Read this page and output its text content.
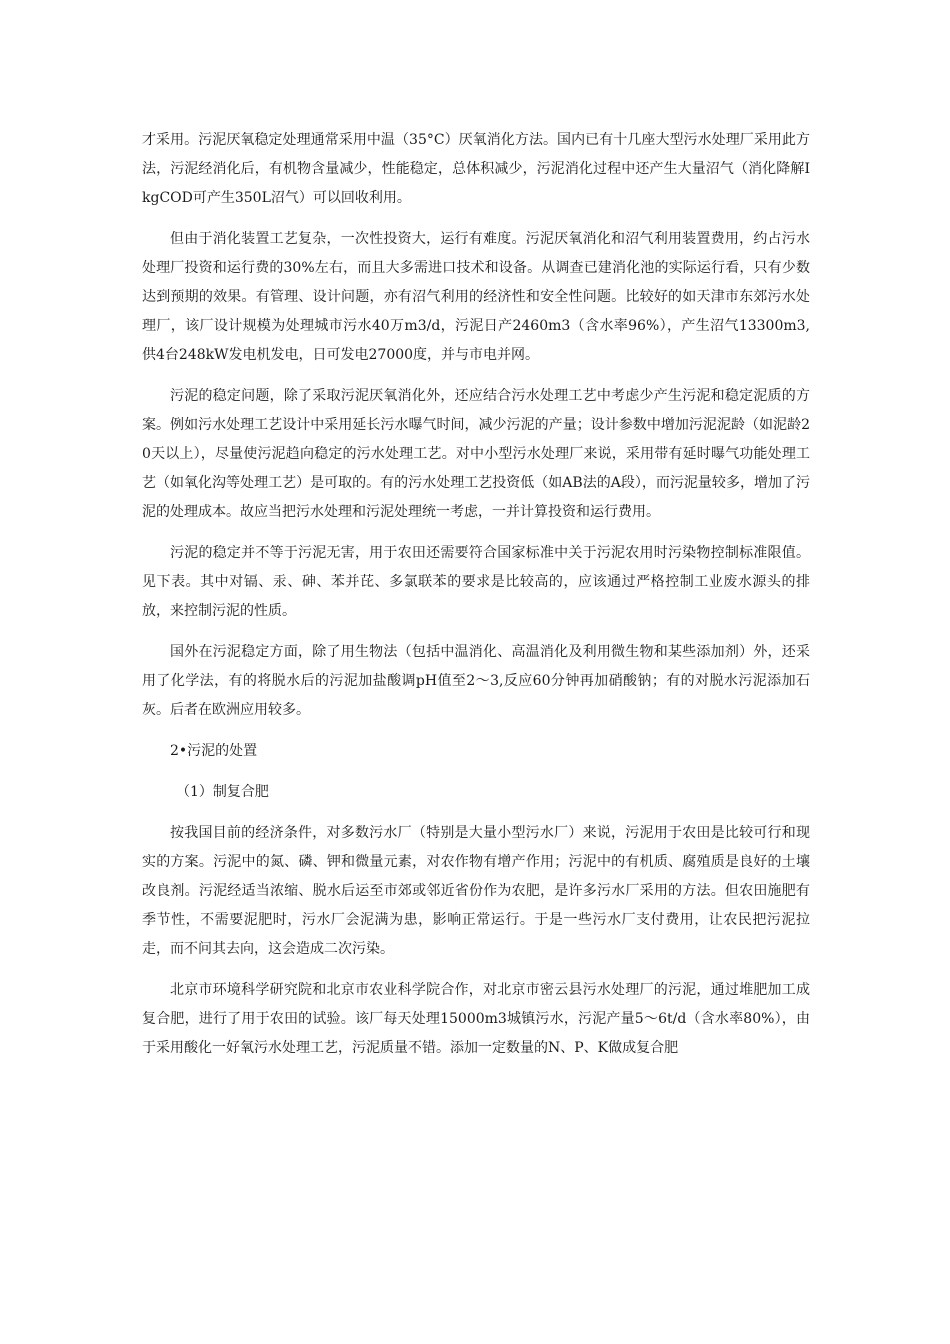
才采用。污泥厌氧稳定处理通常采用中温（35°C）厌氧消化方法。国内已有十几座大型污水处理厂采用此方法，污泥经消化后，有机物含量减少，性能稳定，总体积减少，污泥消化过程中还产生大量沼气（消化降解IkgCOD可产生350L沼气）可以回收利用。

但由于消化装置工艺复杂，一次性投资大，运行有难度。污泥厌氧消化和沼气利用装置费用，约占污水处理厂投资和运行费的30%左右，而且大多需进口技术和设备。从调查已建消化池的实际运行看，只有少数达到预期的效果。有管理、设计问题，亦有沼气利用的经济性和安全性问题。比较好的如天津市东郊污水处理厂，该厂设计规模为处理城市污水40万m3/d，污泥日产2460m3（含水率96%），产生沼气13300m3,供4台248kW发电机发电，日可发电27000度，并与市电并网。

污泥的稳定问题，除了采取污泥厌氧消化外，还应结合污水处理工艺中考虑少产生污泥和稳定泥质的方案。例如污水处理工艺设计中采用延长污水曝气时间，减少污泥的产量；设计参数中增加污泥泥龄（如泥龄20天以上），尽量使污泥趋向稳定的污水处理工艺。对中小型污水处理厂来说，采用带有延时曝气功能处理工艺（如氧化沟等处理工艺）是可取的。有的污水处理工艺投资低（如AB法的A段），而污泥量较多，增加了污泥的处理成本。故应当把污水处理和污泥处理统一考虑，一并计算投资和运行费用。

污泥的稳定并不等于污泥无害，用于农田还需要符合国家标准中关于污泥农用时污染物控制标准限值。见下表。其中对镉、汞、砷、苯并芘、多氯联苯的要求是比较高的，应该通过严格控制工业废水源头的排放，来控制污泥的性质。

国外在污泥稳定方面，除了用生物法（包括中温消化、高温消化及利用微生物和某些添加剂）外，还采用了化学法，有的将脱水后的污泥加盐酸调pH值至2～3,反应60分钟再加硝酸钠；有的对脱水污泥添加石灰。后者在欧洲应用较多。

2•污泥的处置
（1）制复合肥

按我国目前的经济条件，对多数污水厂（特别是大量小型污水厂）来说，污泥用于农田是比较可行和现实的方案。污泥中的氮、磷、钾和微量元素，对农作物有增产作用；污泥中的有机质、腐殖质是良好的土壤改良剂。污泥经适当浓缩、脱水后运至市郊或邻近省份作为农肥，是许多污水厂采用的方法。但农田施肥有季节性，不需要泥肥时，污水厂会泥满为患，影响正常运行。于是一些污水厂支付费用，让农民把污泥拉走，而不问其去向，这会造成二次污染。

北京市环境科学研究院和北京市农业科学院合作，对北京市密云县污水处理厂的污泥，通过堆肥加工成复合肥，进行了用于农田的试验。该厂每天处理15000m3城镇污水，污泥产量5～6t/d（含水率80%），由于采用酸化一好氧污水处理工艺，污泥质量不错。添加一定数量的N、P、K做成复合肥
